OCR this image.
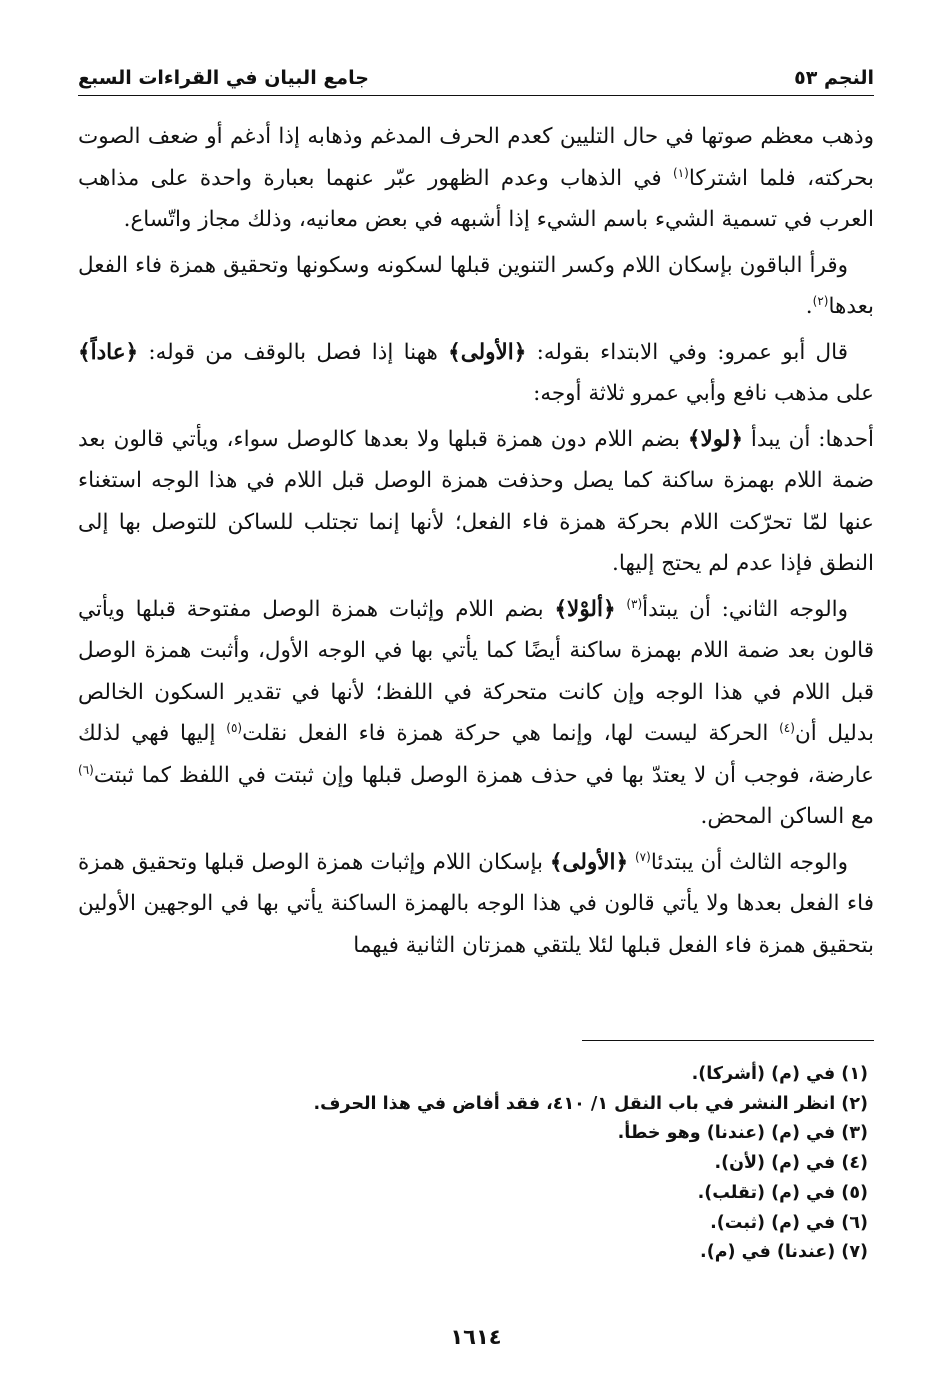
النجم ٥٣
جامع البيان في القراءات السبع

وذهب معظم صوتها في حال التليين كعدم الحرف المدغم وذهابه إذا أدغم أو ضعف الصوت بحركته، فلما اشتركا$^{(١)}$ في الذهاب وعدم الظهور عبّر عنهما بعبارة واحدة على مذاهب العرب في تسمية الشيء باسم الشيء إذا أشبهه في بعض معانيه، وذلك مجاز واتّساع.

وقرأ الباقون بإسكان اللام وكسر التنوين قبلها لسكونه وسكونها وتحقيق همزة فاء الفعل بعدها$^{(٢)}$.

قال أبو عمرو: وفي الابتداء بقوله: ﴿الأولى﴾ ههنا إذا فصل بالوقف من قوله: ﴿عاداً﴾ على مذهب نافع وأبي عمرو ثلاثة أوجه:

أحدها: أن يبدأ ﴿لولا﴾ بضم اللام دون همزة قبلها ولا بعدها كالوصل سواء، ويأتي قالون بعد ضمة اللام بهمزة ساكنة كما يصل وحذفت همزة الوصل قبل اللام في هذا الوجه استغناء عنها لمّا تحرّكت اللام بحركة همزة فاء الفعل؛ لأنها إنما تجتلب للساكن للتوصل بها إلى النطق فإذا عدم لم يحتج إليها.

والوجه الثاني: أن يبتدأ$^{(٣)}$ ﴿ألوْلا﴾ بضم اللام وإثبات همزة الوصل مفتوحة قبلها ويأتي قالون بعد ضمة اللام بهمزة ساكنة أيضًا كما يأتي بها في الوجه الأول، وأثبت همزة الوصل قبل اللام في هذا الوجه وإن كانت متحركة في اللفظ؛ لأنها في تقدير السكون الخالص بدليل أن$^{(٤)}$ الحركة ليست لها، وإنما هي حركة همزة فاء الفعل نقلت$^{(٥)}$ إليها فهي لذلك عارضة، فوجب أن لا يعتدّ بها في حذف همزة الوصل قبلها وإن ثبتت في اللفظ كما ثبتت$^{(٦)}$ مع الساكن المحض.

والوجه الثالث أن يبتدئا$^{(٧)}$ ﴿الأولى﴾ بإسكان اللام وإثبات همزة الوصل قبلها وتحقيق همزة فاء الفعل بعدها ولا يأتي قالون في هذا الوجه بالهمزة الساكنة يأتي بها في الوجهين الأولين بتحقيق همزة فاء الفعل قبلها لئلا يلتقي همزتان الثانية فيهما

(١) في (م) (أشركا).
(٢) انظر النشر في باب النقل ١/ ٤١٠، فقد أفاض في هذا الحرف.
(٣) في (م) (عندنا) وهو خطأ.
(٤) في (م) (لأن).
(٥) في (م) (تقلب).
(٦) في (م) (ثبت).
(٧) (عندنا) في (م).
١٦١٤
